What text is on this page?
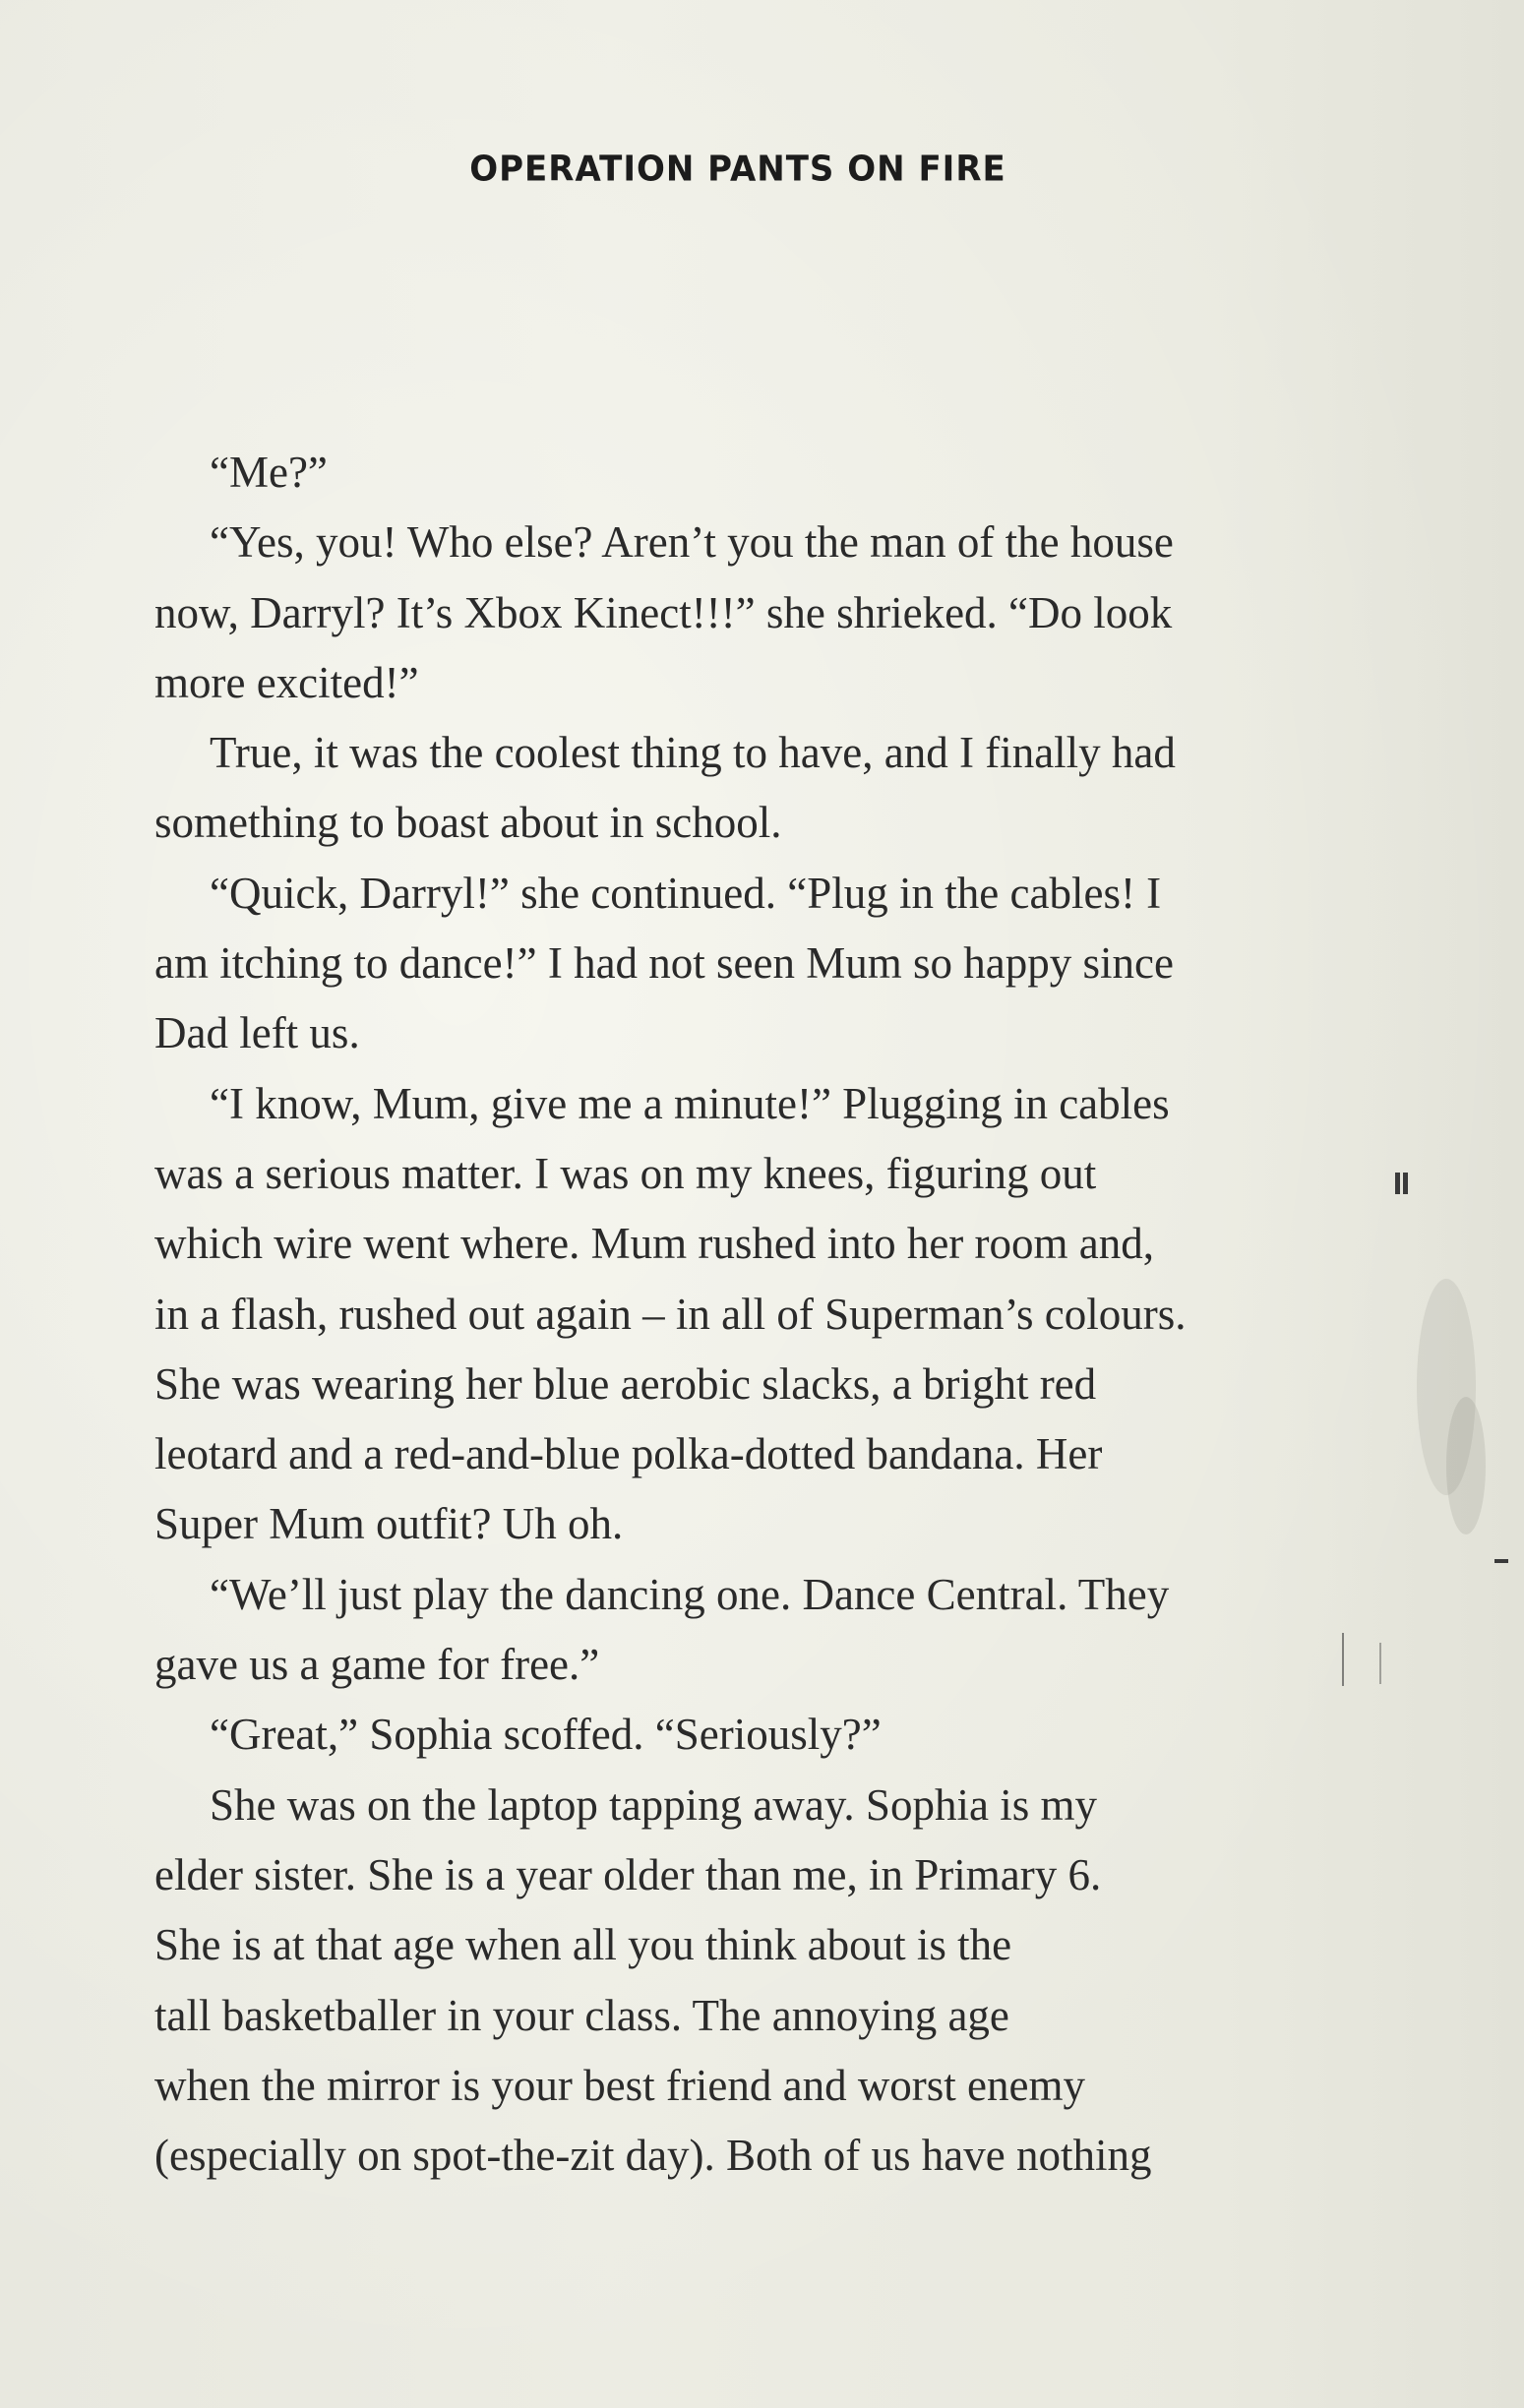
OPERATION PANTS ON FIRE
“Me?”
“Yes, you! Who else? Aren’t you the man of the house
now, Darryl? It’s Xbox Kinect!!!” she shrieked. “Do look
more excited!”
True, it was the coolest thing to have, and I finally had
something to boast about in school.
“Quick, Darryl!” she continued. “Plug in the cables! I
am itching to dance!” I had not seen Mum so happy since
Dad left us.
“I know, Mum, give me a minute!” Plugging in cables
was a serious matter. I was on my knees, figuring out
which wire went where. Mum rushed into her room and,
in a flash, rushed out again – in all of Superman’s colours.
She was wearing her blue aerobic slacks, a bright red
leotard and a red-and-blue polka-dotted bandana. Her
Super Mum outfit? Uh oh.
“We’ll just play the dancing one. Dance Central. They
gave us a game for free.”
“Great,” Sophia scoffed. “Seriously?”
She was on the laptop tapping away. Sophia is my
elder sister. She is a year older than me, in Primary 6.
She is at that age when all you think about is the
tall basketballer in your class. The annoying age
when the mirror is your best friend and worst enemy
(especially on spot-the-zit day). Both of us have nothing
